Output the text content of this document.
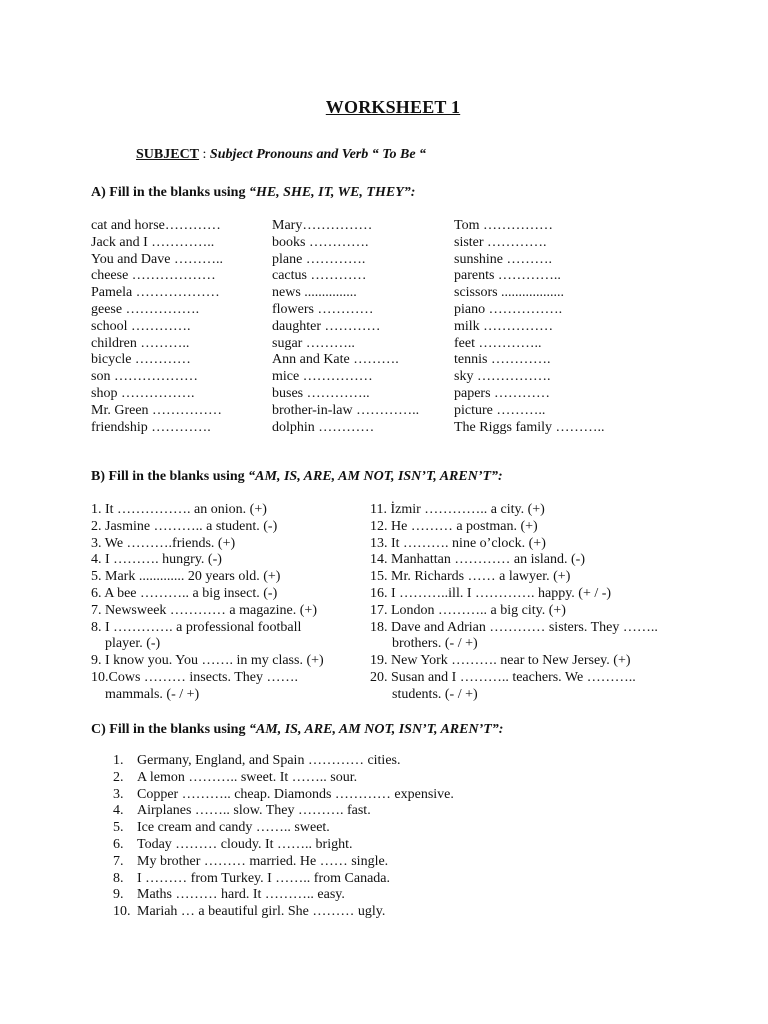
WORKSHEET 1
SUBJECT : Subject Pronouns and Verb “ To Be “
A) Fill in the blanks using “HE, SHE, IT, WE, THEY”:
cat and horse…………
Jack and I …………..
You and Dave ………..
cheese ………………
Pamela ………………
geese …………….
school ………….
children ………..
bicycle …………
son ………………
shop …………….
Mr. Green ……………
friendship ………….
Mary……………
books ………….
plane ………….
cactus …………
news ...............
flowers …………
daughter …………
sugar ………..
Ann and Kate ……….
mice ……………
buses …………..
brother-in-law …………..
dolphin …………
Tom ……………
sister ………….
sunshine ……….
parents …………..
scissors ..................
piano …………….
milk ……………
feet …………..
tennis ………….
sky …………….
papers …………
picture ………..
The Riggs family ………..
B) Fill in the blanks using “AM, IS, ARE, AM NOT, ISN’T, AREN’T”:
1. It ……………. an onion. (+)
2. Jasmine ……….. a student. (-)
3. We ……….friends. (+)
4. I ………. hungry. (-)
5. Mark ............. 20 years old. (+)
6. A bee ……….. a big insect. (-)
7. Newsweek ………… a magazine. (+)
8. I …………. a professional football
player. (-)
9. I know you. You ……. in my class. (+)
10.Cows ……… insects. They …….
mammals. (- / +)
11. İzmir ………….. a city. (+)
12. He ……… a postman. (+)
13. It ………. nine o’clock. (+)
14. Manhattan ………… an island. (-)
15. Mr. Richards …… a lawyer. (+)
16. I ………..ill. I …………. happy. (+ / -)
17. London ……….. a big city. (+)
18. Dave and Adrian ………… sisters. They ……..
brothers. (- / +)
19. New York ………. near to New Jersey. (+)
20. Susan and I ……….. teachers. We ………..
students. (- / +)
C) Fill in the blanks using “AM, IS, ARE, AM NOT, ISN’T, AREN’T”:
1. Germany, England, and Spain ………… cities.
2. A lemon ……….. sweet. It …….. sour.
3. Copper ……….. cheap. Diamonds ………… expensive.
4. Airplanes …….. slow. They ………. fast.
5. Ice cream and candy …….. sweet.
6. Today ……… cloudy. It …….. bright.
7. My brother ……… married. He …… single.
8. I ……… from Turkey. I …….. from Canada.
9. Maths ……… hard. It ……….. easy.
10. Mariah … a beautiful girl. She ……… ugly.
